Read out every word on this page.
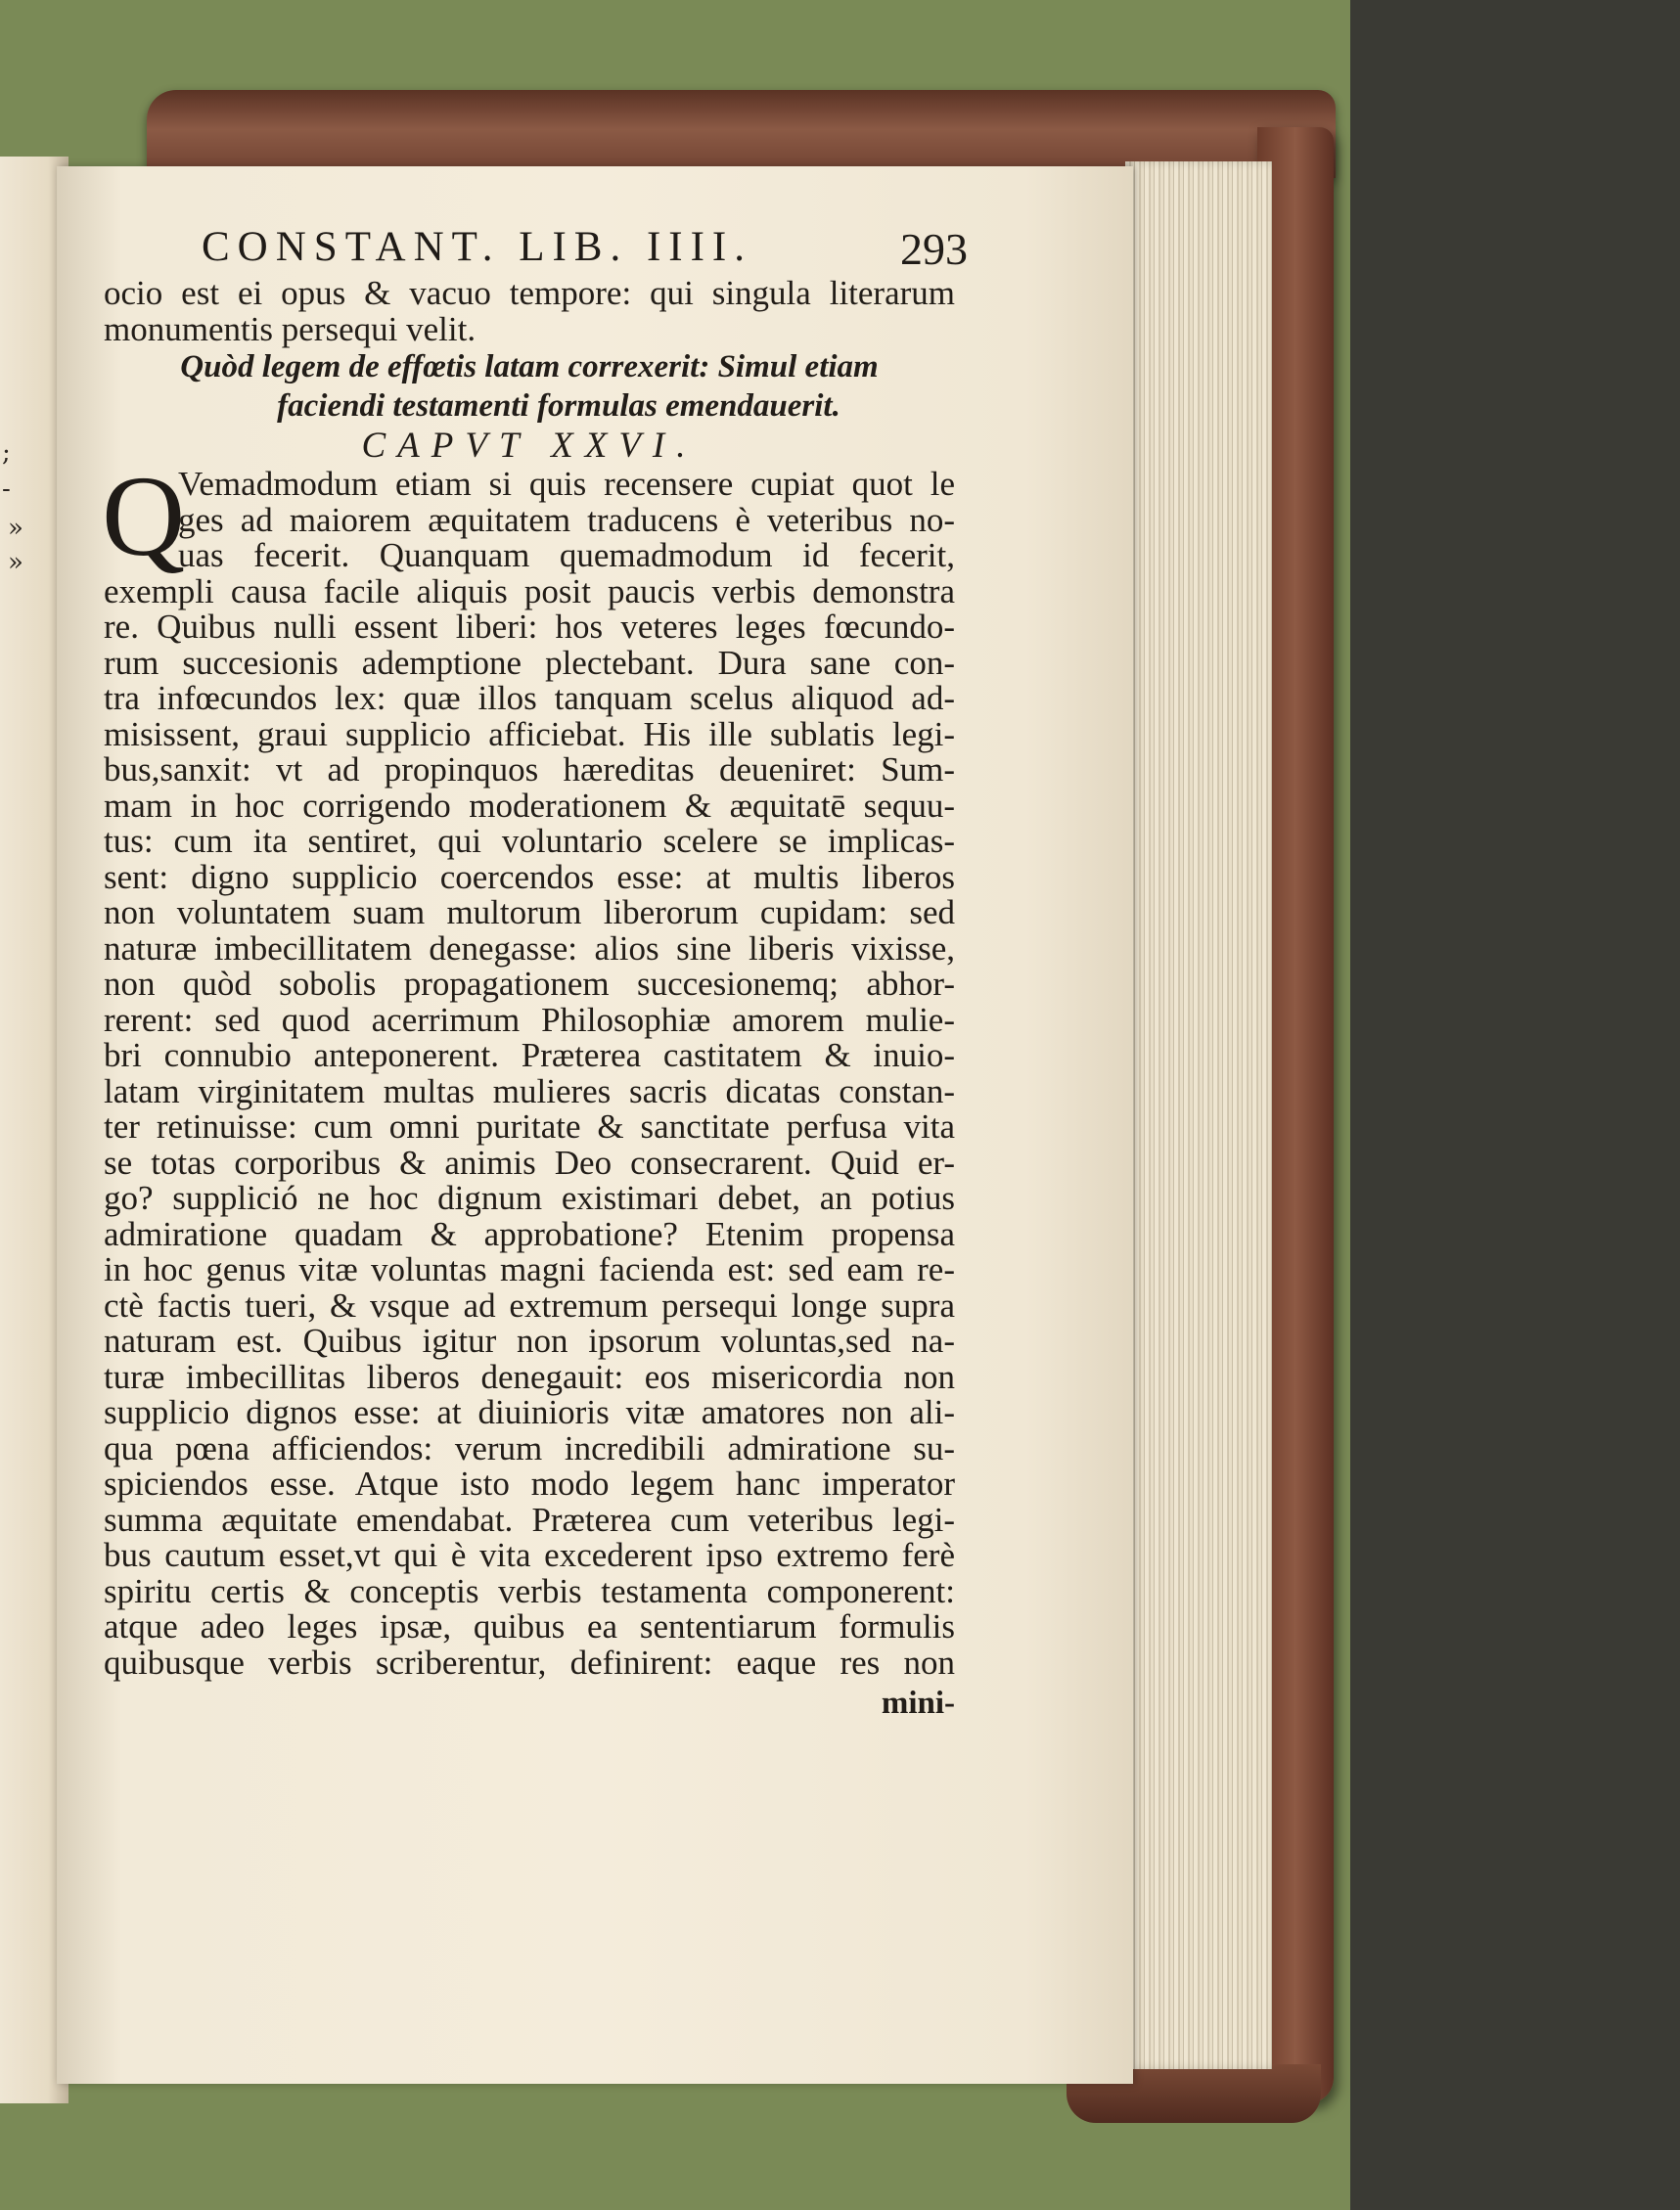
;
-
»
»
CONSTANT. LIB. IIII.	293
ocio est ei opus & vacuo tempore: qui singula literarum
monumentis persequi velit.
Quòd legem de effœtis latam correxerit: Simul etiam
faciendi testamenti formulas emendauerit.
CAPVT XXVI.
Q
Vemadmodum etiam si quis recensere cupiat quot le
ges ad maiorem æquitatem traducens è veteribus no-
uas fecerit. Quanquam quemadmodum id fecerit,
exempli causa facile aliquis posit paucis verbis demonstra
re. Quibus nulli essent liberi: hos veteres leges fœcundo-
rum succesionis ademptione plectebant. Dura sane con-
tra infœcundos lex: quæ illos tanquam scelus aliquod ad-
misissent, graui supplicio afficiebat. His ille sublatis legi-
bus,sanxit: vt ad propinquos hæreditas deueniret: Sum-
mam in hoc corrigendo moderationem & æquitatē sequu-
tus: cum ita sentiret, qui voluntario scelere se implicas-
sent: digno supplicio coercendos esse: at multis liberos
non voluntatem suam multorum liberorum cupidam: sed
naturæ imbecillitatem denegasse: alios sine liberis vixisse,
non quòd sobolis propagationem succesionemq; abhor-
rerent: sed quod acerrimum Philosophiæ amorem mulie-
bri connubio anteponerent. Præterea castitatem & inuio-
latam virginitatem multas mulieres sacris dicatas constan-
ter retinuisse: cum omni puritate & sanctitate perfusa vita
se totas corporibus & animis Deo consecrarent. Quid er-
go? supplició ne hoc dignum existimari debet, an potius
admiratione quadam & approbatione? Etenim propensa
in hoc genus vitæ voluntas magni facienda est: sed eam re-
ctè factis tueri, & vsque ad extremum persequi longe supra
naturam est. Quibus igitur non ipsorum voluntas,sed na-
turæ imbecillitas liberos denegauit: eos misericordia non
supplicio dignos esse: at diuinioris vitæ amatores non ali-
qua pœna afficiendos: verum incredibili admiratione su-
spiciendos esse. Atque isto modo legem hanc imperator
summa æquitate emendabat. Præterea cum veteribus legi-
bus cautum esset,vt qui è vita excederent ipso extremo ferè
spiritu certis & conceptis verbis testamenta componerent:
atque adeo leges ipsæ, quibus ea sententiarum formulis
quibusque verbis scriberentur, definirent: eaque res non
mini-
